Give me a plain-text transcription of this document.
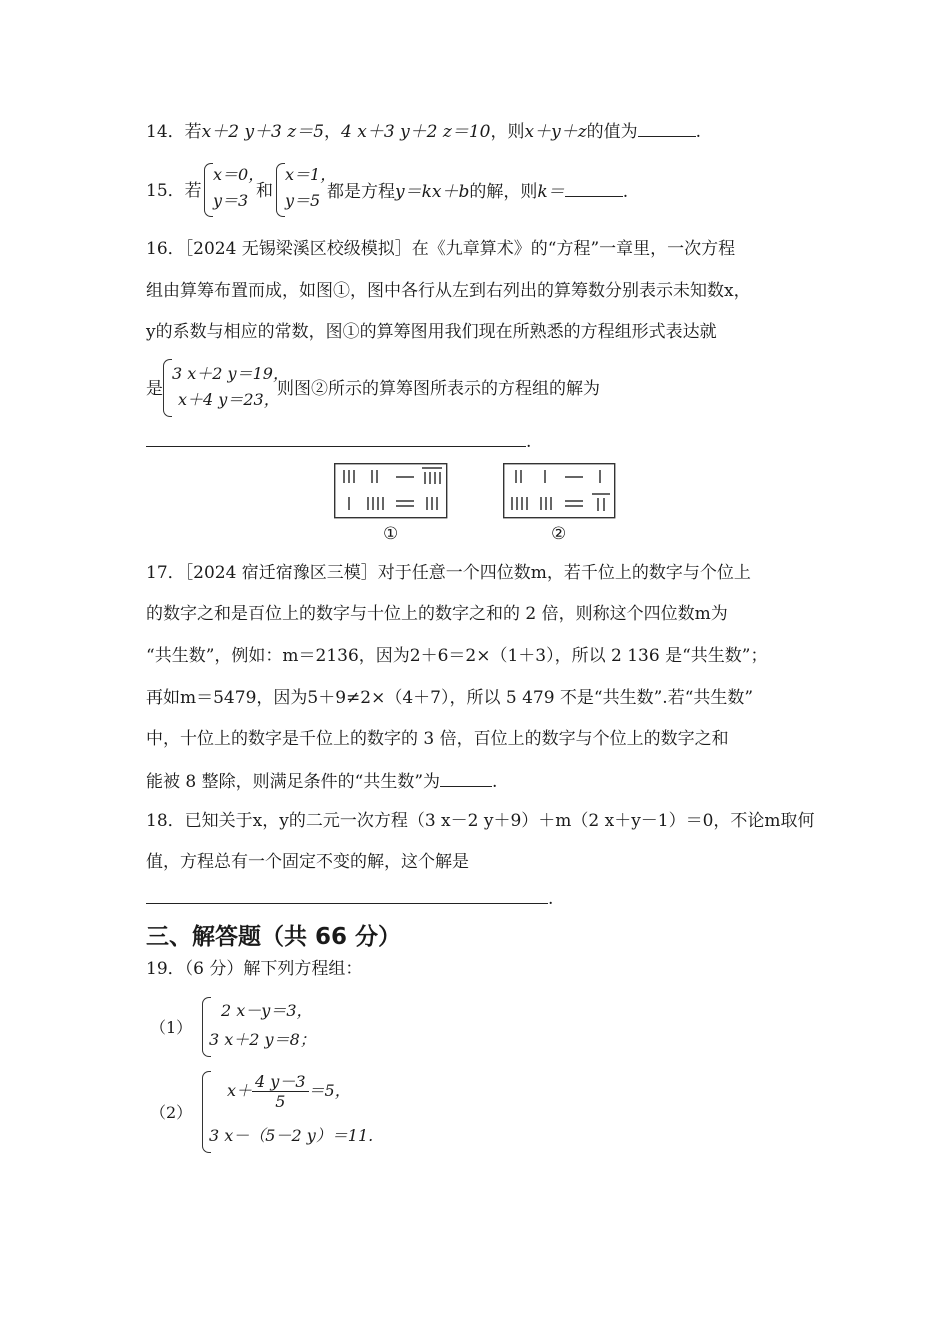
14．若x＋2 y＋3 z＝5，4 x＋3 y＋2 z＝10，则x＋y＋z的值为	.
15．若
x＝0，
y＝3 和
x＝1，
y＝5 都是方程y＝kx＋b的解，则k＝	.
16．［2024 无锡梁溪区校级模拟］在《九章算术》的“方程”一章里，一次方程
组由算筹布置而成，如图①，图中各行从左到右列出的算筹数分别表示未知数x，
y的系数与相应的常数，图①的算筹图用我们现在所熟悉的方程组形式表达就
是
3 x＋2 y＝19，
x＋4 y＝23，
则图②所示的算筹图所表示的方程组的解为
.
①	②
17．［2024 宿迁宿豫区三模］对于任意一个四位数m，若千位上的数字与个位上
的数字之和是百位上的数字与十位上的数字之和的 2 倍，则称这个四位数m为
“共生数”，例如：m＝2136，因为2＋6＝2×（1＋3），所以 2 136 是“共生数”；
再如m＝5479，因为5＋9≠2×（4＋7），所以 5 479 不是“共生数”.若“共生数”
中，十位上的数字是千位上的数字的 3 倍，百位上的数字与个位上的数字之和
能被 8 整除，则满足条件的“共生数”为	.
18．已知关于x，y的二元一次方程（3 x－2 y＋9）＋m（2 x＋y－1）＝0，不论m取何
值，方程总有一个固定不变的解，这个解是
.
三、解答题（共 66 分）
19．（6 分）解下列方程组：
（1）
2 x－y＝3，
3 x＋2 y＝8；
（2）
$x+ \frac{4 y-3}{5} =5$，
3 x－（5－2 y）＝11.
